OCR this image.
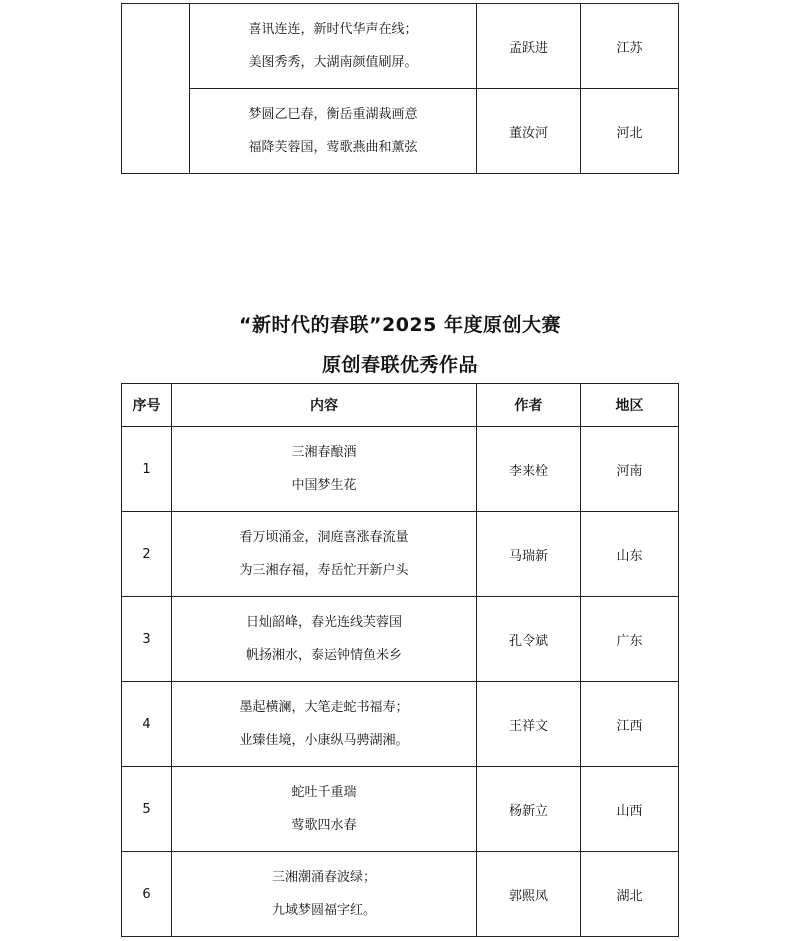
	喜讯连连，新时代华声在线；
美图秀秀，大湖南颜值刷屏。	孟跃进	江苏

	梦圆乙巳春，衡岳重湖裁画意
福降芙蓉国，莺歌燕曲和薰弦	董汝河	河北
“新时代的春联”2025 年度原创大赛
原创春联优秀作品
序号	内容	作者	地区
1	三湘春酿酒
中国梦生花	李来栓	河南
2	看万顷涌金，洞庭喜涨春流量
为三湘存福，寿岳忙开新户头	马瑞新	山东
3	日灿韶峰，春光连线芙蓉国
帆扬湘水，泰运钟情鱼米乡	孔令斌	广东
4	墨起横澜，大笔走蛇书福寿；
业臻佳境，小康纵马骋湖湘。	王祥文	江西
5	蛇吐千重瑞
莺歌四水春	杨新立	山西
6	三湘潮涌春波绿；
九域梦圆福字红。	郭熙凤	湖北
